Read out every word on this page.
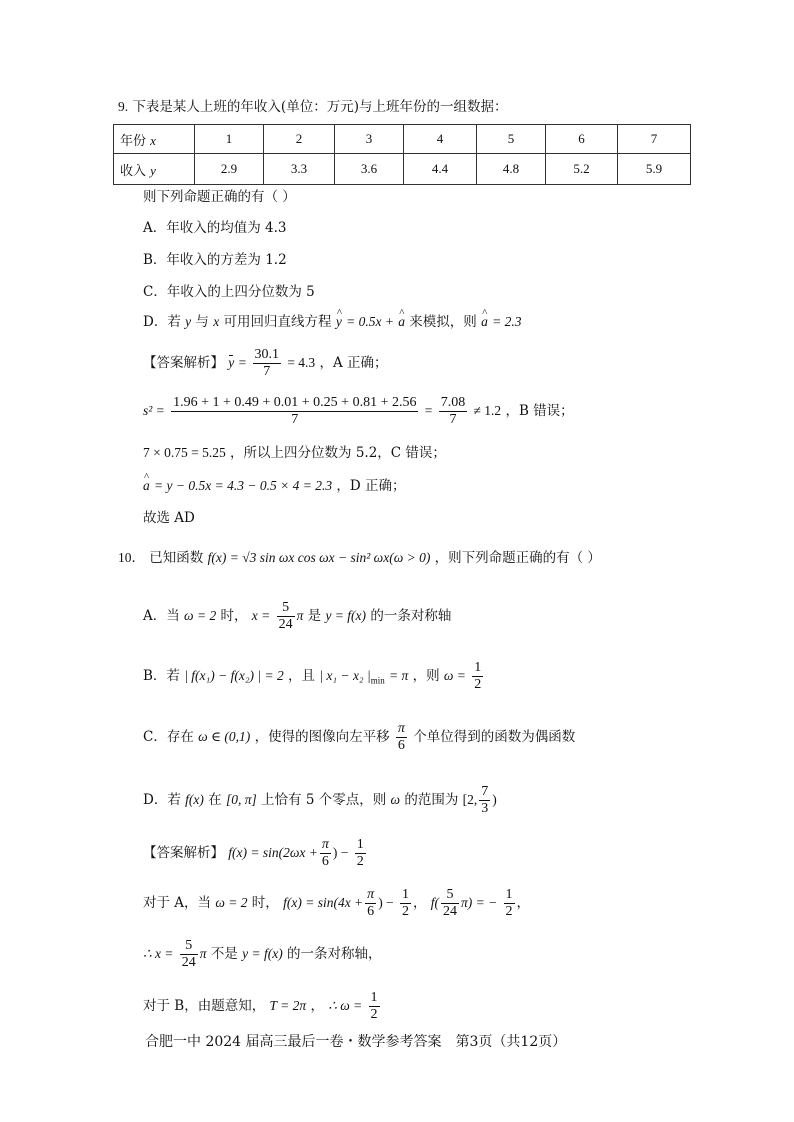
9. 下表是某人上班的年收入(单位：万元)与上班年份的一组数据：
年份 x	1	2	3	4	5	6	7
收入 y	2.9	3.3	3.6	4.4	4.8	5.2	5.9
则下列命题正确的有（ ）
A．年收入的均值为 4.3
B．年收入的方差为 1.2
C．年收入的上四分位数为 5
D．若 y 与 x 可用回归直线方程 ^ y = 0.5x + ^ a 来模拟，则 ^ a = 2.3
【答案解析】 $y = \frac{30.1}{7} = 4.3$ ，A 正确；
$s^2 = \frac{1.96 + 1 + 0.49 + 0.01 + 0.25 + 0.81 + 2.56}{7} = \frac{7.08}{7} \ne 1.2$ ，B 错误；
7 × 0.75 = 5.25 ，所以上四分位数为 5.2，C 错误；
^ a = y − 0.5x = 4.3 − 0.5 × 4 = 2.3 ，D 正确；
故选 AD
10． 已知函数 f(x) = √3 sin ωx cos ωx − sin² ωx(ω > 0) ，则下列命题正确的有（ ）
A．当 ω = 2 时， $x = \frac{5}{24}$ π 是 y = f(x) 的一条对称轴
B．若 | f(x₁) − f(x₂) | = 2 ，且 | x₁ − x₂ $|_{min} = \pi$ ，则 $\omega = \frac{1}{2}$
C．存在 ω ∈ (0,1) ，使得的图像向左平移 $\frac{\pi}{6}$ 个单位得到的函数为偶函数
D．若 f(x) 在 [0, π] 上恰有 5 个零点，则 ω 的范围为 [2, $\frac{7}{3}$ )
【答案解析】 $f(x) = \sin(2\omega x + \frac{\pi}{6}$ ) − $\frac{1}{2}$
对于 A，当 ω = 2 时， $f(x) = \sin(4x + \frac{\pi}{6}$ ) − $\frac{1}{2}$ ， $f( \frac{5}{24} \pi)$ = − $\frac{1}{2}$ ，
∴ $x = \frac{5}{24}$ π 不是 y = f(x) 的一条对称轴，
对于 B，由题意知， T = 2π ， ∴ $\omega = \frac{1}{2}$
合肥一中 2024 届高三最后一卷・数学参考答案　第3页（共12页）
